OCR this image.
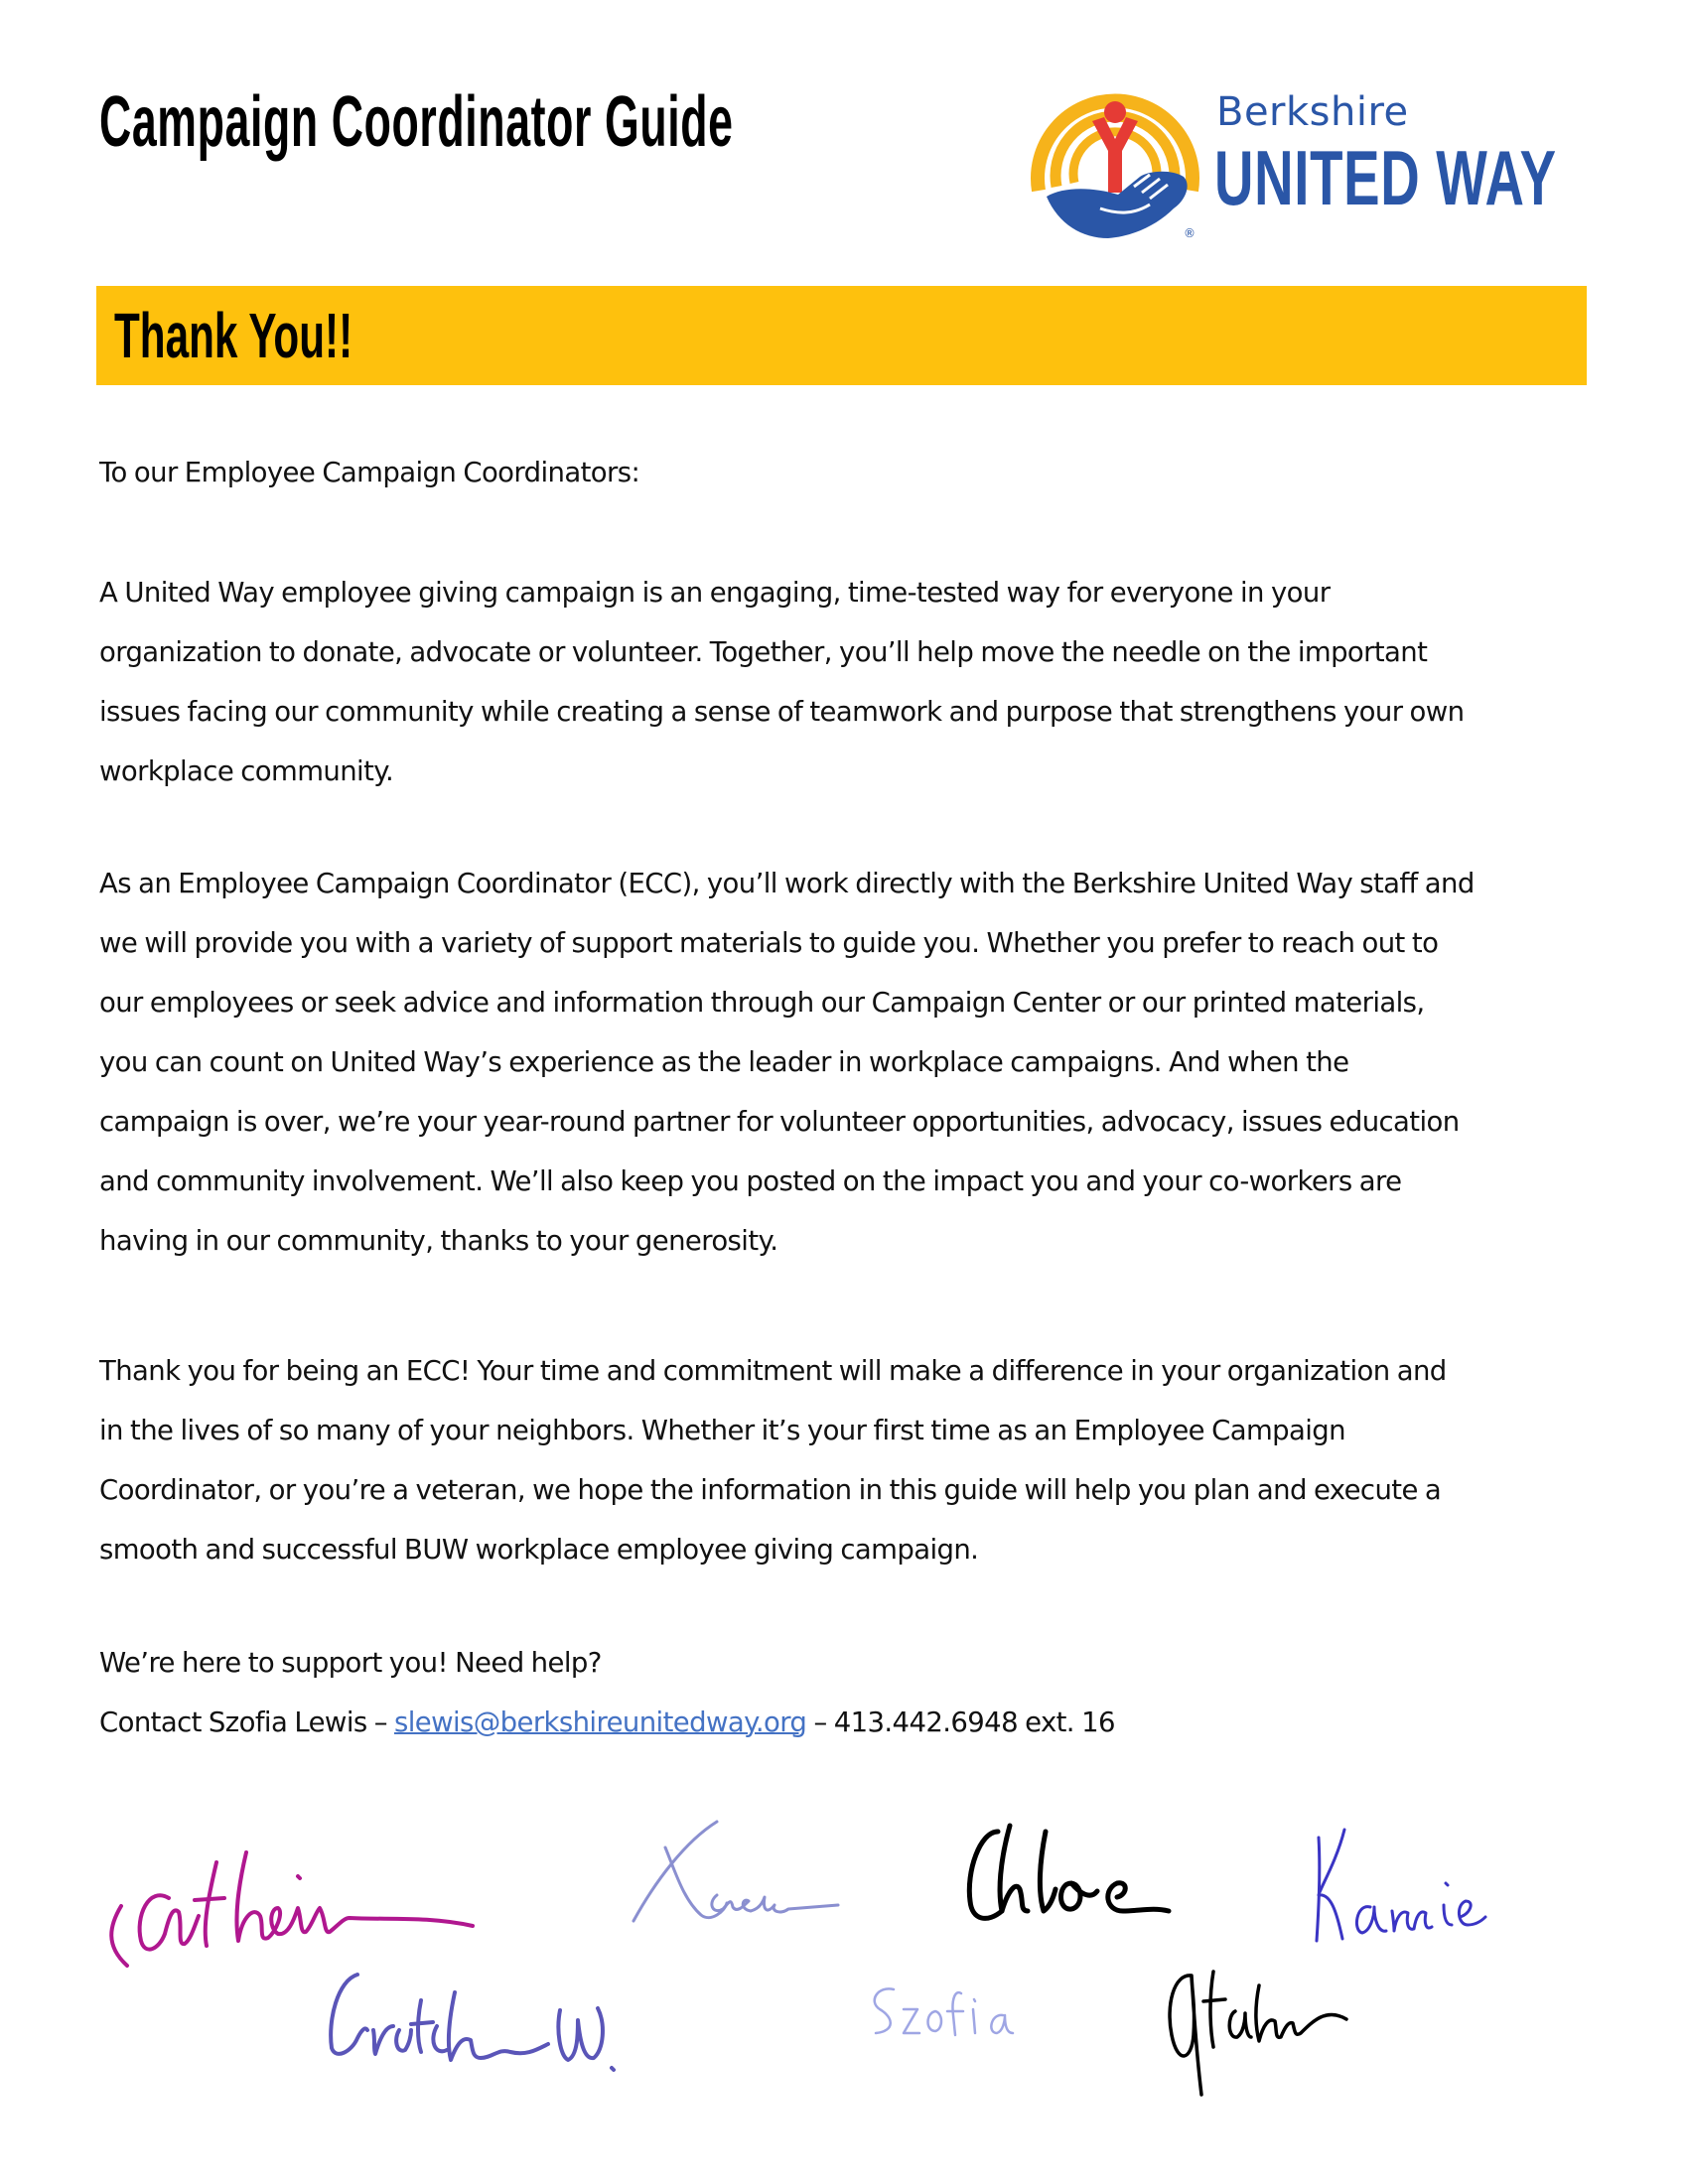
Campaign Coordinator Guide
®
Berkshire
UNITED WAY
Thank You!!
To our Employee Campaign Coordinators:
A United Way employee giving campaign is an engaging, time-tested way for everyone in your
organization to donate, advocate or volunteer. Together, you’ll help move the needle on the important
issues facing our community while creating a sense of teamwork and purpose that strengthens your own
workplace community.
As an Employee Campaign Coordinator (ECC), you’ll work directly with the Berkshire United Way staff and
we will provide you with a variety of support materials to guide you. Whether you prefer to reach out to
our employees or seek advice and information through our Campaign Center or our printed materials,
you can count on United Way’s experience as the leader in workplace campaigns. And when the
campaign is over, we’re your year-round partner for volunteer opportunities, advocacy, issues education
and community involvement. We’ll also keep you posted on the impact you and your co-workers are
having in our community, thanks to your generosity.
Thank you for being an ECC! Your time and commitment will make a difference in your organization and
in the lives of so many of your neighbors. Whether it’s your first time as an Employee Campaign
Coordinator, or you’re a veteran, we hope the information in this guide will help you plan and execute a
smooth and successful BUW workplace employee giving campaign.
We’re here to support you! Need help?
Contact Szofia Lewis – slewis@berkshireunitedway.org – 413.442.6948 ext. 16
